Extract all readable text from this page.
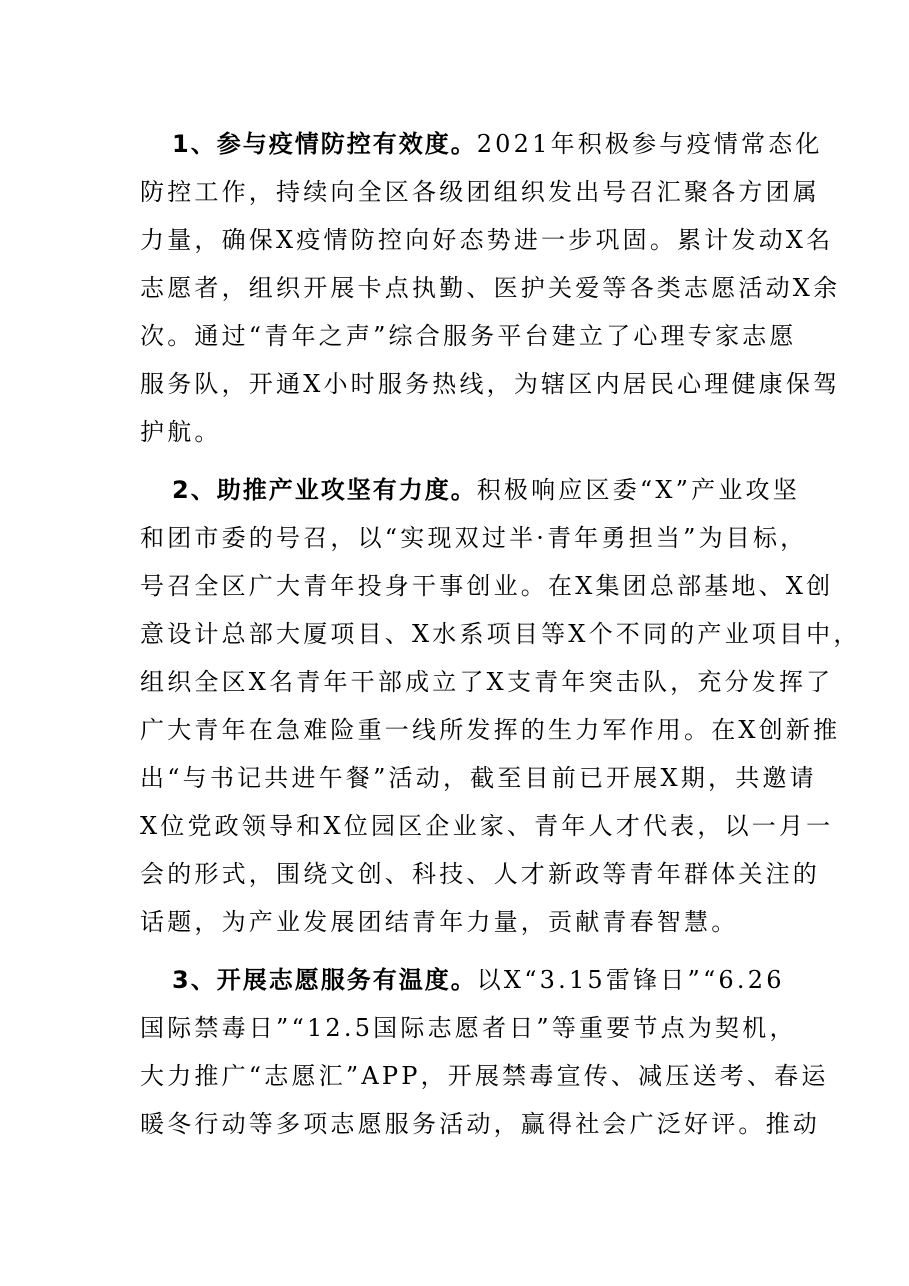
1、参与疫情防控有效度。2021年积极参与疫情常态化
防控工作，持续向全区各级团组织发出号召汇聚各方团属
力量，确保X疫情防控向好态势进一步巩固。累计发动X名
志愿者，组织开展卡点执勤、医护关爱等各类志愿活动X余
次。通过“青年之声”综合服务平台建立了心理专家志愿
服务队，开通X小时服务热线，为辖区内居民心理健康保驾
护航。
2、助推产业攻坚有力度。积极响应区委“X”产业攻坚
和团市委的号召，以“实现双过半·青年勇担当”为目标，
号召全区广大青年投身干事创业。在X集团总部基地、X创
意设计总部大厦项目、X水系项目等X个不同的产业项目中，
组织全区X名青年干部成立了X支青年突击队，充分发挥了
广大青年在急难险重一线所发挥的生力军作用。在X创新推
出“与书记共进午餐”活动，截至目前已开展X期，共邀请
X位党政领导和X位园区企业家、青年人才代表，以一月一
会的形式，围绕文创、科技、人才新政等青年群体关注的
话题，为产业发展团结青年力量，贡献青春智慧。
3、开展志愿服务有温度。以X“3.15雷锋日”“6.26
国际禁毒日”“12.5国际志愿者日”等重要节点为契机，
大力推广“志愿汇”APP，开展禁毒宣传、减压送考、春运
暖冬行动等多项志愿服务活动，赢得社会广泛好评。推动
